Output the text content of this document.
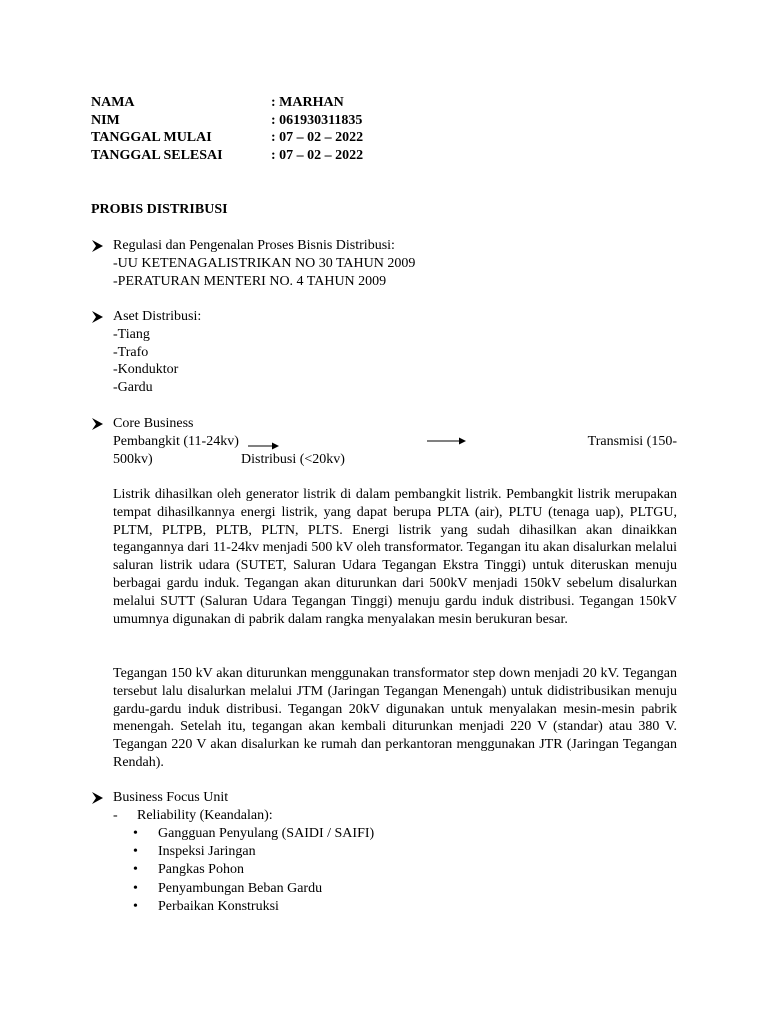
NAMA	: MARHAN
NIM	: 061930311835
TANGGAL MULAI	: 07 – 02 – 2022
TANGGAL SELESAI	: 07 – 02 – 2022
PROBIS DISTRIBUSI
Regulasi dan Pengenalan Proses Bisnis Distribusi:
-UU KETENAGALISTRIKAN NO 30 TAHUN 2009
-PERATURAN MENTERI NO. 4 TAHUN 2009
Aset Distribusi:
-Tiang
-Trafo
-Konduktor
-Gardu
Core Business
Pembangkit (11-24kv)	Transmisi (150-
500kv)	Distribusi (<20kv)
Listrik dihasilkan oleh generator listrik di dalam pembangkit listrik. Pembangkit listrik merupakan tempat dihasilkannya energi listrik, yang dapat berupa PLTA (air), PLTU (tenaga uap), PLTGU, PLTM, PLTPB, PLTB, PLTN, PLTS. Energi listrik yang sudah dihasilkan akan dinaikkan tegangannya dari 11-24kv menjadi 500 kV oleh transformator. Tegangan itu akan disalurkan melalui saluran listrik udara (SUTET, Saluran Udara Tegangan Ekstra Tinggi) untuk diteruskan menuju berbagai gardu induk. Tegangan akan diturunkan dari 500kV menjadi 150kV sebelum disalurkan melalui SUTT (Saluran Udara Tegangan Tinggi) menuju gardu induk distribusi. Tegangan 150kV umumnya digunakan di pabrik dalam rangka menyalakan mesin berukuran besar.
Tegangan 150 kV akan diturunkan menggunakan transformator step down menjadi 20 kV. Tegangan tersebut lalu disalurkan melalui JTM (Jaringan Tegangan Menengah) untuk didistribusikan menuju gardu-gardu induk distribusi. Tegangan 20kV digunakan untuk menyalakan mesin-mesin pabrik menengah. Setelah itu, tegangan akan kembali diturunkan menjadi 220 V (standar) atau 380 V. Tegangan 220 V akan disalurkan ke rumah dan perkantoran menggunakan JTR (Jaringan Tegangan Rendah).
Business Focus Unit
- Reliability (Keandalan):
• Gangguan Penyulang (SAIDI / SAIFI)
• Inspeksi Jaringan
• Pangkas Pohon
• Penyambungan Beban Gardu
• Perbaikan Konstruksi
